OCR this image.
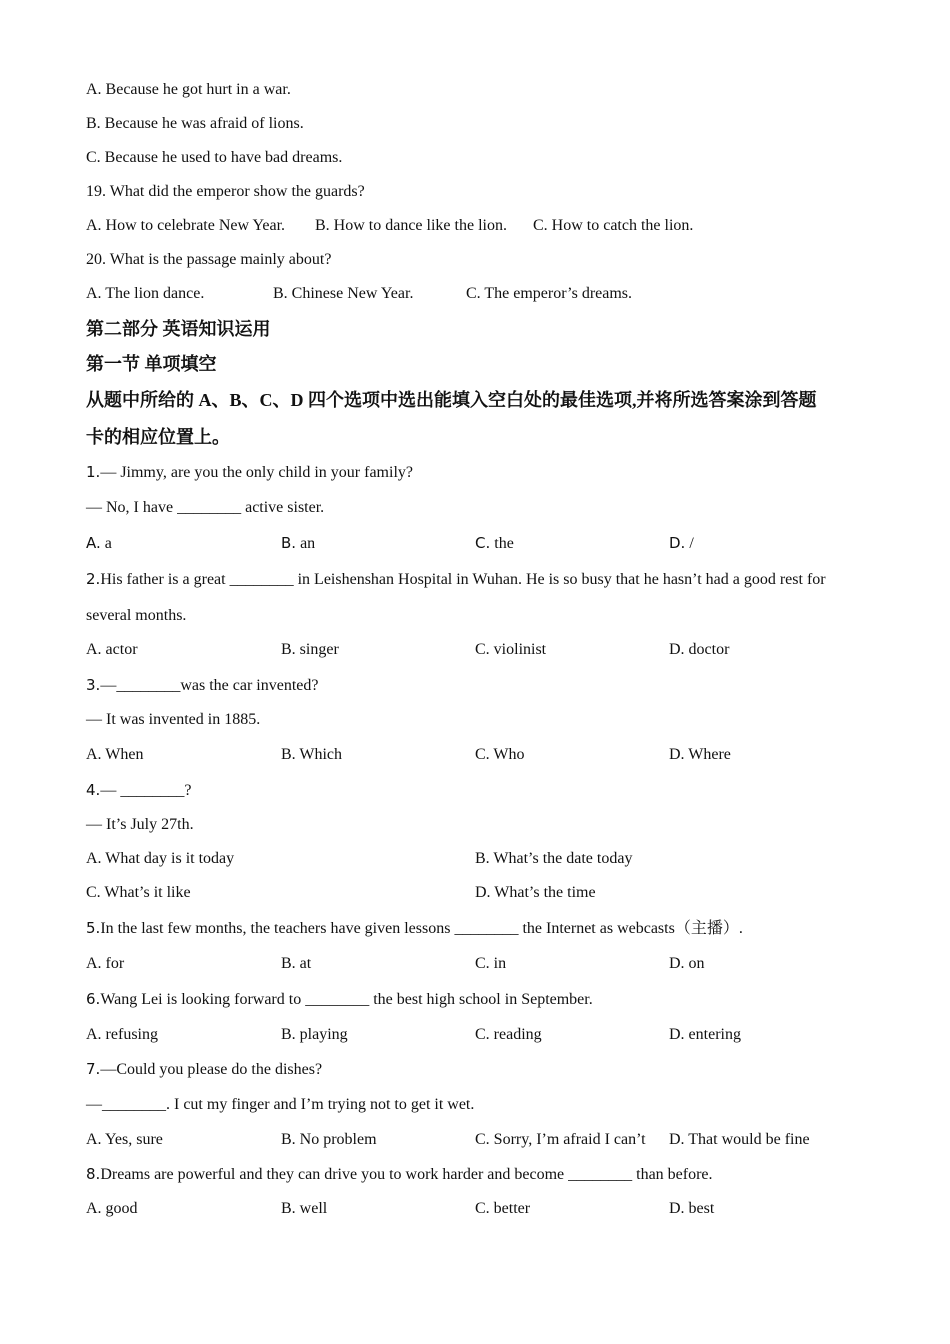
A. Because he got hurt in a war.
B. Because he was afraid of lions.
C. Because he used to have bad dreams.
19. What did the emperor show the guards?
A. How to celebrate New Year. B. How to dance like the lion. C. How to catch the lion.
20. What is the passage mainly about?
A. The lion dance.	B. Chinese New Year.	C. The emperor’s dreams.
第二部分 英语知识运用
第一节 单项填空
从题中所给的 A、B、C、D 四个选项中选出能填入空白处的最佳选项,并将所选答案涂到答题
卡的相应位置上。
1.— Jimmy, are you the only child in your family?
— No, I have ________ active sister.
A. a	B. an	C. the	D. /
2.His father is a great ________ in Leishenshan Hospital in Wuhan. He is so busy that he hasn’t had a good rest for
several months.
A. actor	B. singer	C. violinist	D. doctor
3.—________was the car invented?
— It was invented in 1885.
A. When	B. Which	C. Who	D. Where
4.— ________?
— It’s July 27th.
A. What day is it today	B. What’s the date today
C. What’s it like	D. What’s the time
5.In the last few months, the teachers have given lessons ________ the Internet as webcasts（主播）.
A. for	B. at	C. in	D. on
6.Wang Lei is looking forward to ________ the best high school in September.
A. refusing	B. playing	C. reading	D. entering
7.—Could you please do the dishes?
—________. I cut my finger and I’m trying not to get it wet.
A. Yes, sure	B. No problem	C. Sorry, I’m afraid I can’t D. That would be fine
8.Dreams are powerful and they can drive you to work harder and become ________ than before.
A. good	B. well	C. better	D. best
